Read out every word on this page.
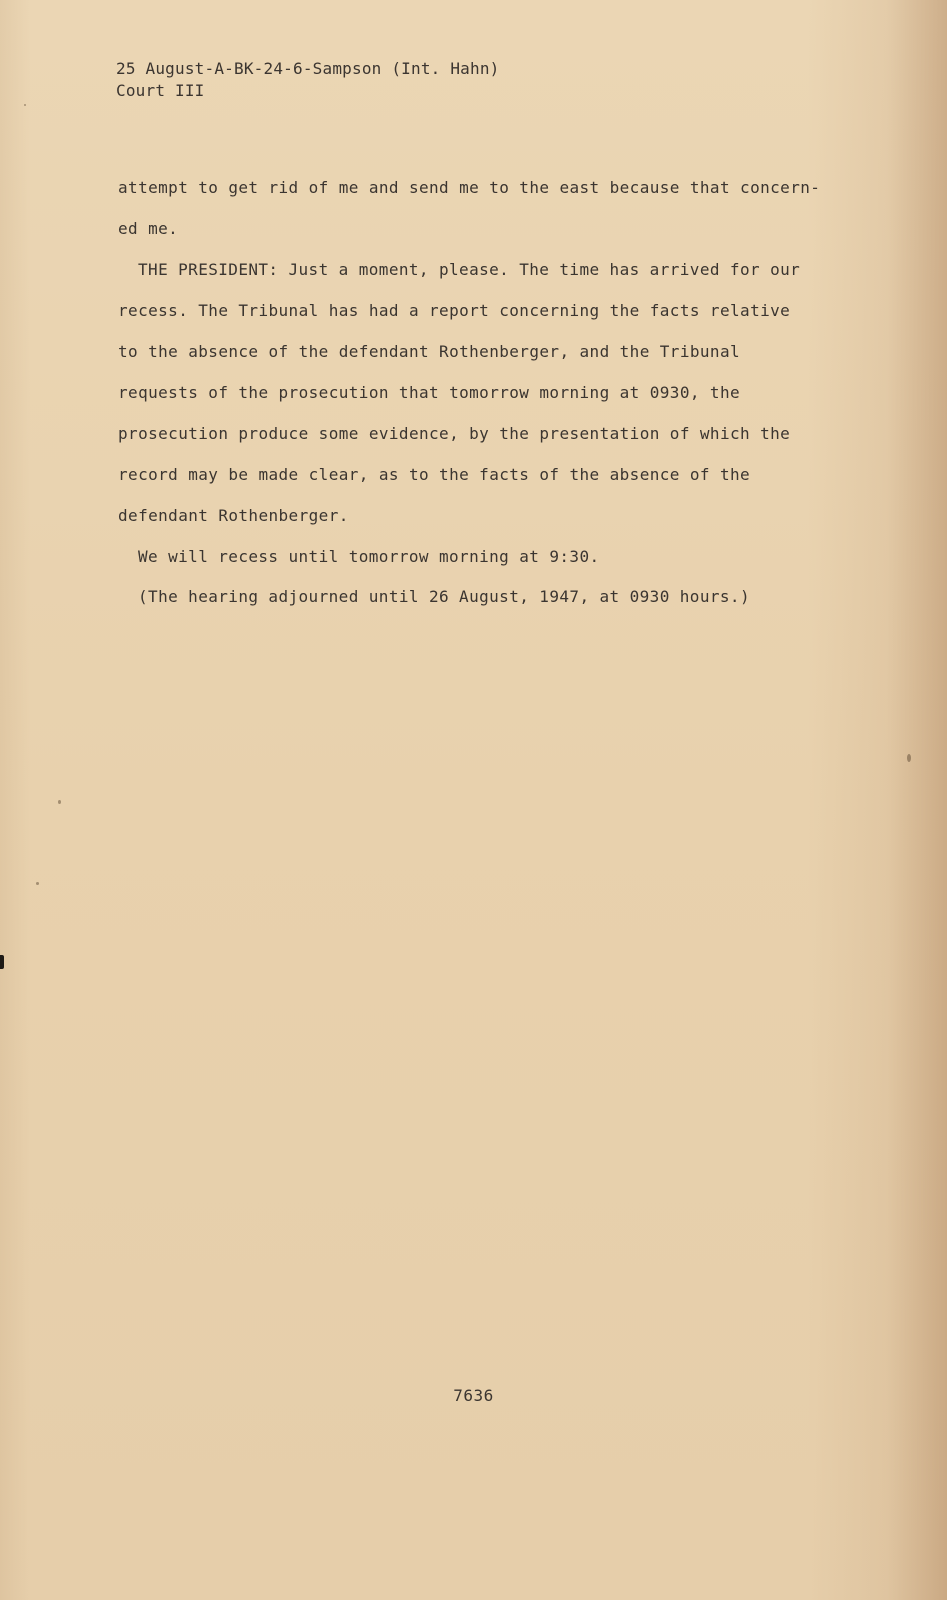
25 August-A-BK-24-6-Sampson (Int. Hahn)
Court III
attempt to get rid of me and send me to the east because that concern-
ed me.
THE PRESIDENT: Just a moment, please. The time has arrived for our
recess. The Tribunal has had a report concerning the facts relative
to the absence of the defendant Rothenberger, and the Tribunal
requests of the prosecution that tomorrow morning at 0930, the
prosecution produce some evidence, by the presentation of which the
record may be made clear, as to the facts of the absence of the
defendant Rothenberger.
We will recess until tomorrow morning at 9:30.
(The hearing adjourned until 26 August, 1947, at 0930 hours.)
7636
